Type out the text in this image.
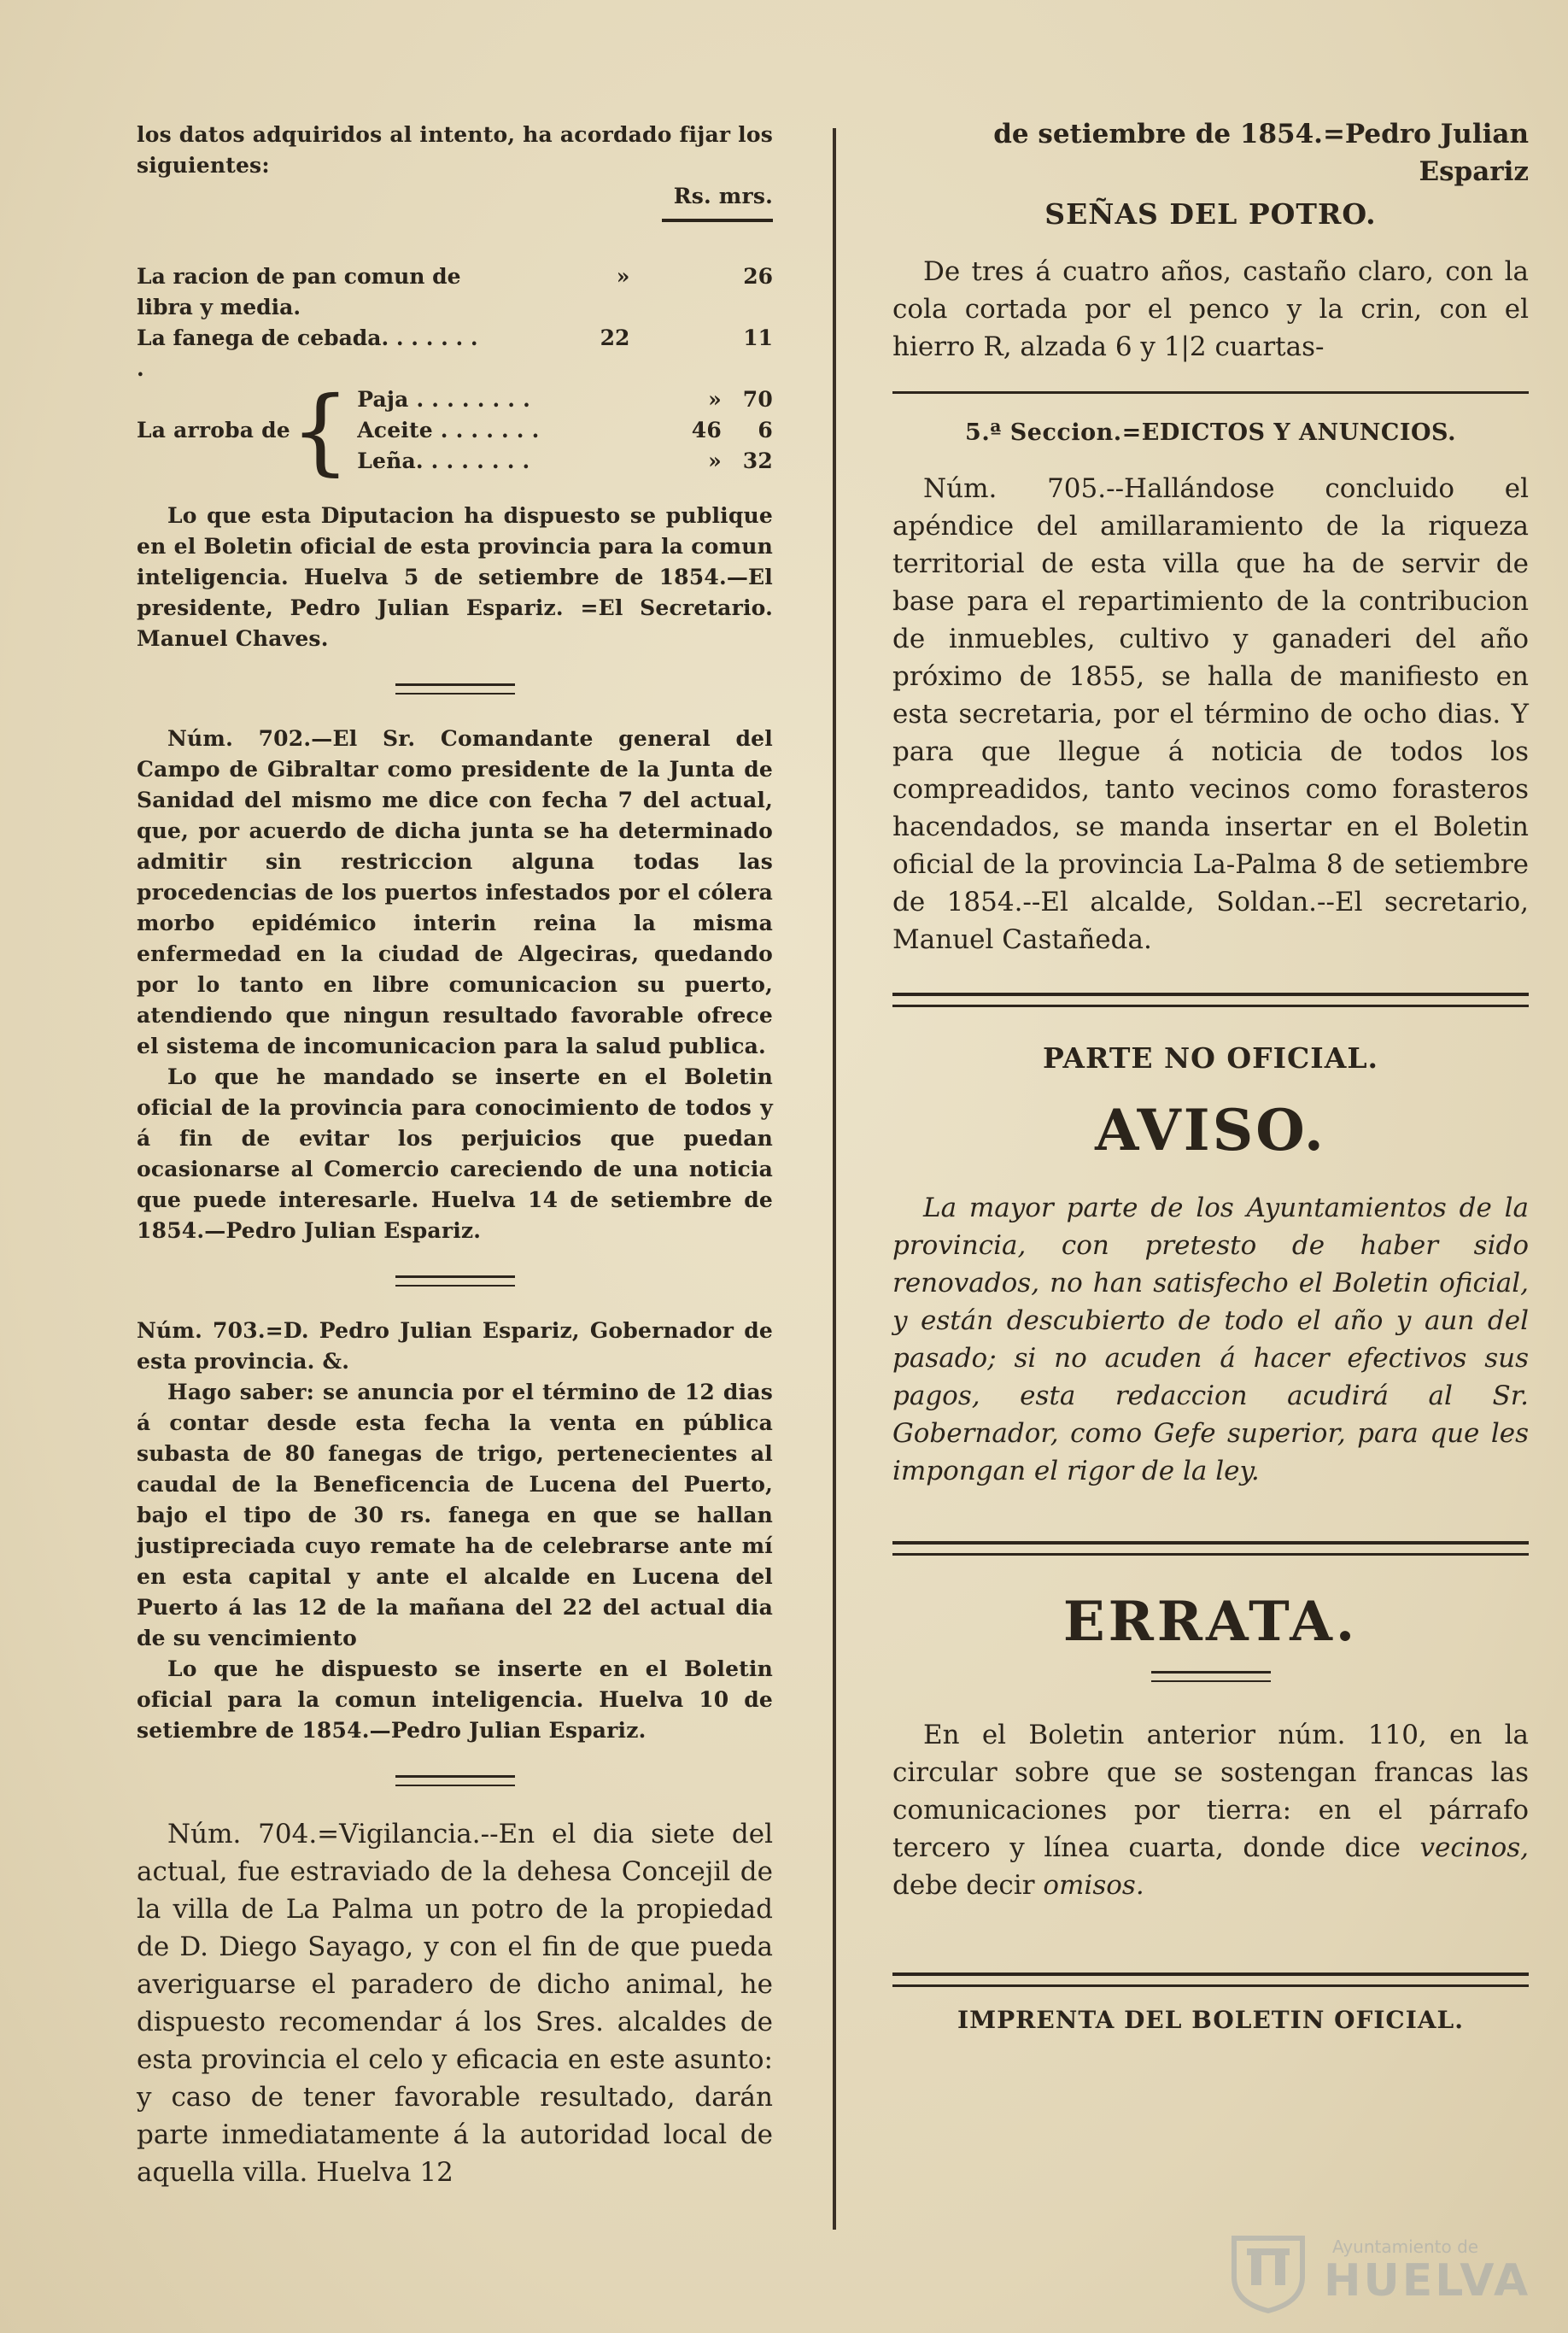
los datos adquiridos al intento, ha acordado fijar los siguientes:

Rs. mrs.

La racion de pan comun de libra y media.	»	26
La fanega de cebada. . . . . . . .	22	11
La arroba de { Paja . . . . . . . .	» 70
Aceite . . . . . . .	46	6
Leña. . . . . . . .	» 32

Lo que esta Diputacion ha dispuesto se publique en el Boletin oficial de esta provincia para la comun inteligencia. Huelva 5 de setiembre de 1854.—El presidente, Pedro Julian Espariz. =El Secretario. Manuel Chaves.

Núm. 702.—El Sr. Comandante general del Campo de Gibraltar como presidente de la Junta de Sanidad del mismo me dice con fecha 7 del actual, que, por acuerdo de dicha junta se ha determinado admitir sin restriccion alguna todas las procedencias de los puertos infestados por el cólera morbo epidémico interin reina la misma enfermedad en la ciudad de Algeciras, quedando por lo tanto en libre comunicacion su puerto, atendiendo que ningun resultado favorable ofrece el sistema de incomunicacion para la salud publica.

Lo que he mandado se inserte en el Boletin oficial de la provincia para conocimiento de todos y á fin de evitar los perjuicios que puedan ocasionarse al Comercio careciendo de una noticia que puede interesarle. Huelva 14 de setiembre de 1854.—Pedro Julian Espariz.

Núm. 703.=D. Pedro Julian Espariz, Gobernador de esta provincia. &.

Hago saber: se anuncia por el término de 12 dias á contar desde esta fecha la venta en pública subasta de 80 fanegas de trigo, pertenecientes al caudal de la Beneficencia de Lucena del Puerto, bajo el tipo de 30 rs. fanega en que se hallan justipreciada cuyo remate ha de celebrarse ante mí en esta capital y ante el alcalde en Lucena del Puerto á las 12 de la mañana del 22 del actual dia de su vencimiento

Lo que he dispuesto se inserte en el Boletin oficial para la comun inteligencia. Huelva 10 de setiembre de 1854.—Pedro Julian Espariz.

Núm. 704.=Vigilancia.--En el dia siete del actual, fue estraviado de la dehesa Concejil de la villa de La Palma un potro de la propiedad de D. Diego Sayago, y con el fin de que pueda averiguarse el paradero de dicho animal, he dispuesto recomendar á los Sres. alcaldes de esta provincia el celo y eficacia en este asunto: y caso de tener favorable resultado, darán parte inmediatamente á la autoridad local de aquella villa. Huelva 12

de setiembre de 1854.=Pedro Julian Espariz

SEÑAS DEL POTRO.

De tres á cuatro años, castaño claro, con la cola cortada por el penco y la crin, con el hierro R, alzada 6 y 1|2 cuartas-

5.ª Seccion.=EDICTOS Y ANUNCIOS.

Núm. 705.--Hallándose concluido el apéndice del amillaramiento de la riqueza territorial de esta villa que ha de servir de base para el repartimiento de la contribucion de inmuebles, cultivo y ganaderi del año próximo de 1855, se halla de manifiesto en esta secretaria, por el término de ocho dias. Y para que llegue á noticia de todos los compreadidos, tanto vecinos como forasteros hacendados, se manda insertar en el Boletin oficial de la provincia La-Palma 8 de setiembre de 1854.--El alcalde, Soldan.--El secretario, Manuel Castañeda.

PARTE NO OFICIAL.
AVISO.

La mayor parte de los Ayuntamientos de la provincia, con pretesto de haber sido renovados, no han satisfecho el Boletin oficial, y están descubierto de todo el año y aun del pasado; si no acuden á hacer efectivos sus pagos, esta redaccion acudirá al Sr. Gobernador, como Gefe superior, para que les impongan el rigor de la ley.

ERRATA.

En el Boletin anterior núm. 110, en la circular sobre que se sostengan francas las comunicaciones por tierra: en el párrafo tercero y línea cuarta, donde dice vecinos, debe decir omisos.

IMPRENTA DEL BOLETIN OFICIAL.
Ayuntamiento de
HUELVA
